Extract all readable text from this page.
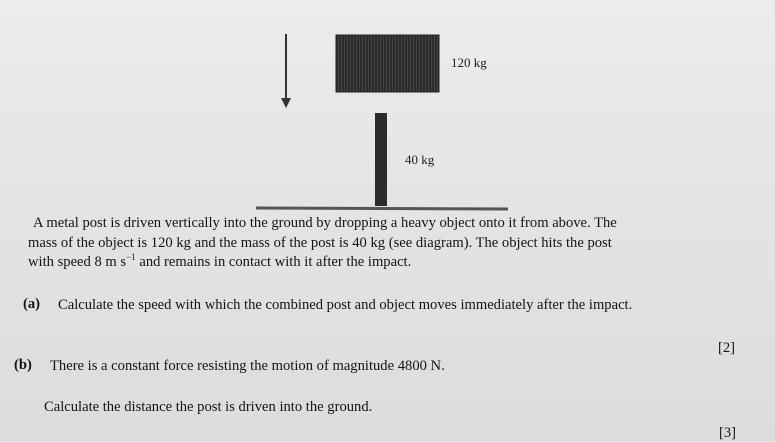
120 kg
40 kg
A metal post is driven vertically into the ground by dropping a heavy object onto it from above. The
mass of the object is 120 kg and the mass of the post is 40 kg (see diagram). The object hits the post
with speed 8 m $s^{-1}$ and remains in contact with it after the impact.
(a) Calculate the speed with which the combined post and object moves immediately after the impact.
[2]
(b) There is a constant force resisting the motion of magnitude 4800 N.
Calculate the distance the post is driven into the ground.
[3]
